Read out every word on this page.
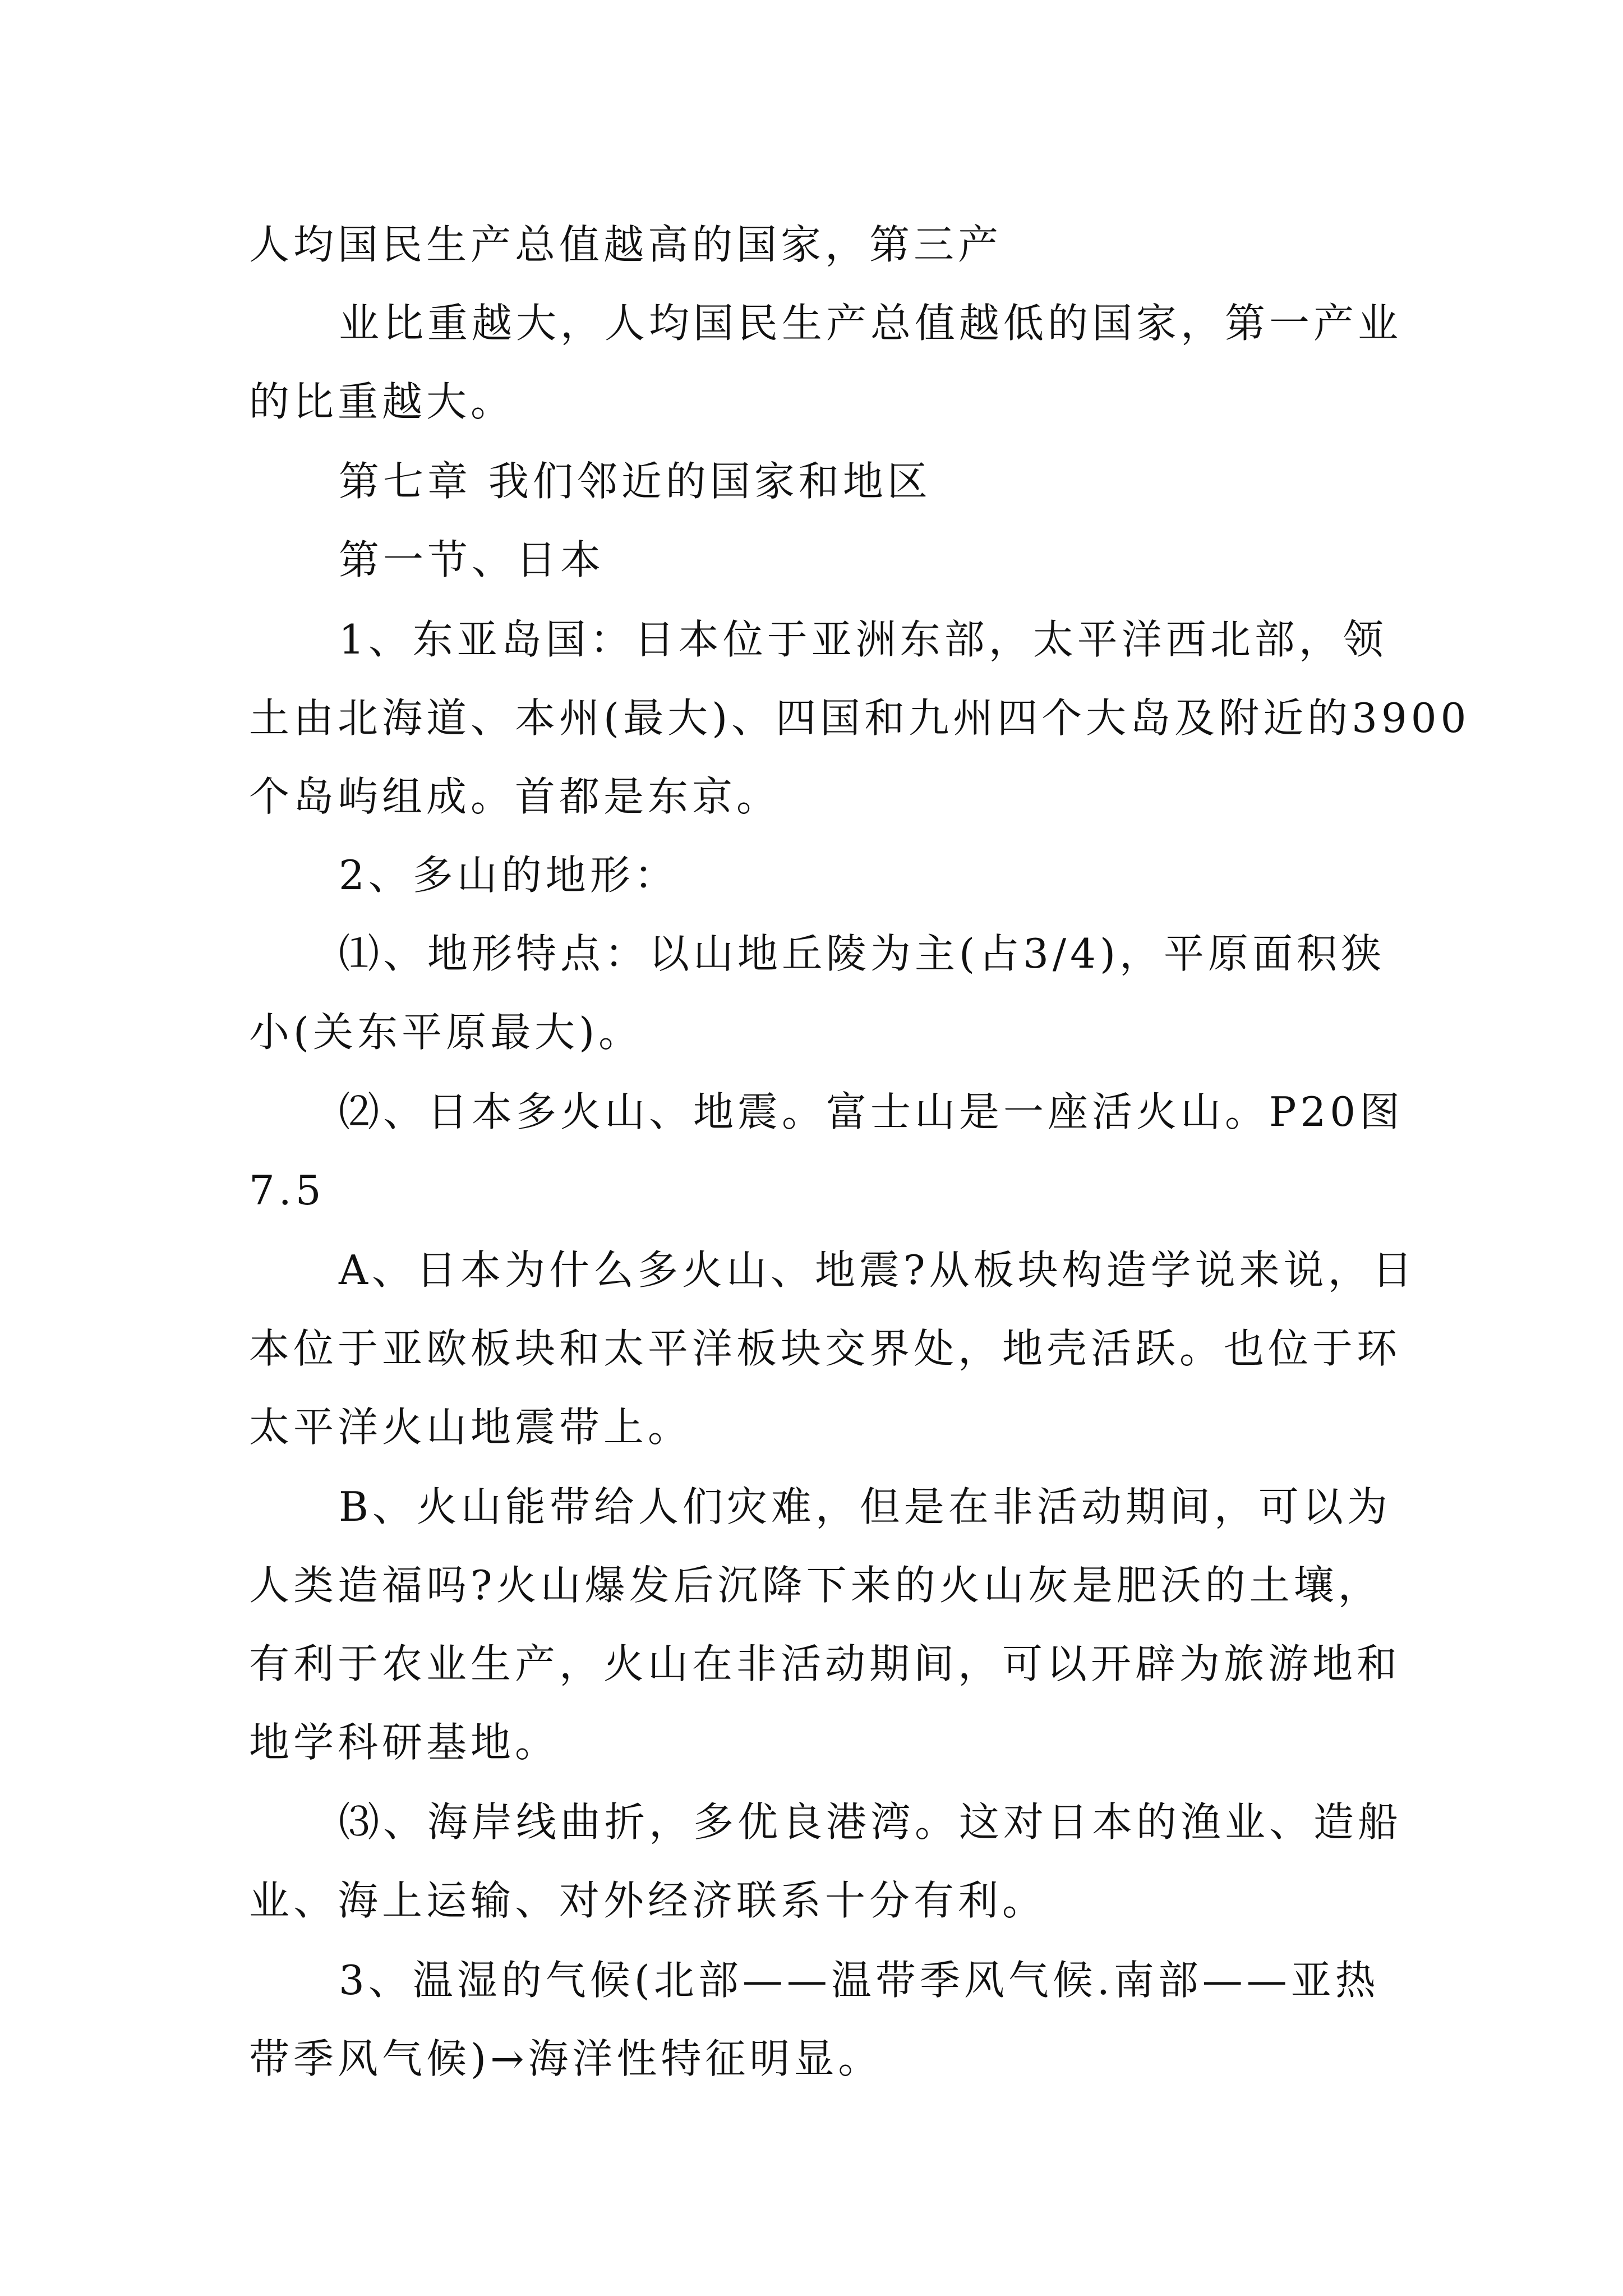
人均国民生产总值越高的国家，第三产

业比重越大，人均国民生产总值越低的国家，第一产业

的比重越大。

第七章 我们邻近的国家和地区

第一节、日本

1、东亚岛国：日本位于亚洲东部，太平洋西北部，领

土由北海道、本州(最大)、四国和九州四个大岛及附近的3900

个岛屿组成。首都是东京。

2、多山的地形：

⑴、地形特点：以山地丘陵为主(占3/4)，平原面积狭

小(关东平原最大)。

⑵、日本多火山、地震。富士山是一座活火山。P20图

7.5

A、日本为什么多火山、地震?从板块构造学说来说，日

本位于亚欧板块和太平洋板块交界处，地壳活跃。也位于环

太平洋火山地震带上。

B、火山能带给人们灾难，但是在非活动期间，可以为

人类造福吗?火山爆发后沉降下来的火山灰是肥沃的土壤，

有利于农业生产，火山在非活动期间，可以开辟为旅游地和

地学科研基地。

⑶、海岸线曲折，多优良港湾。这对日本的渔业、造船

业、海上运输、对外经济联系十分有利。

3、温湿的气候(北部——温带季风气候.南部——亚热

带季风气候)→海洋性特征明显。
